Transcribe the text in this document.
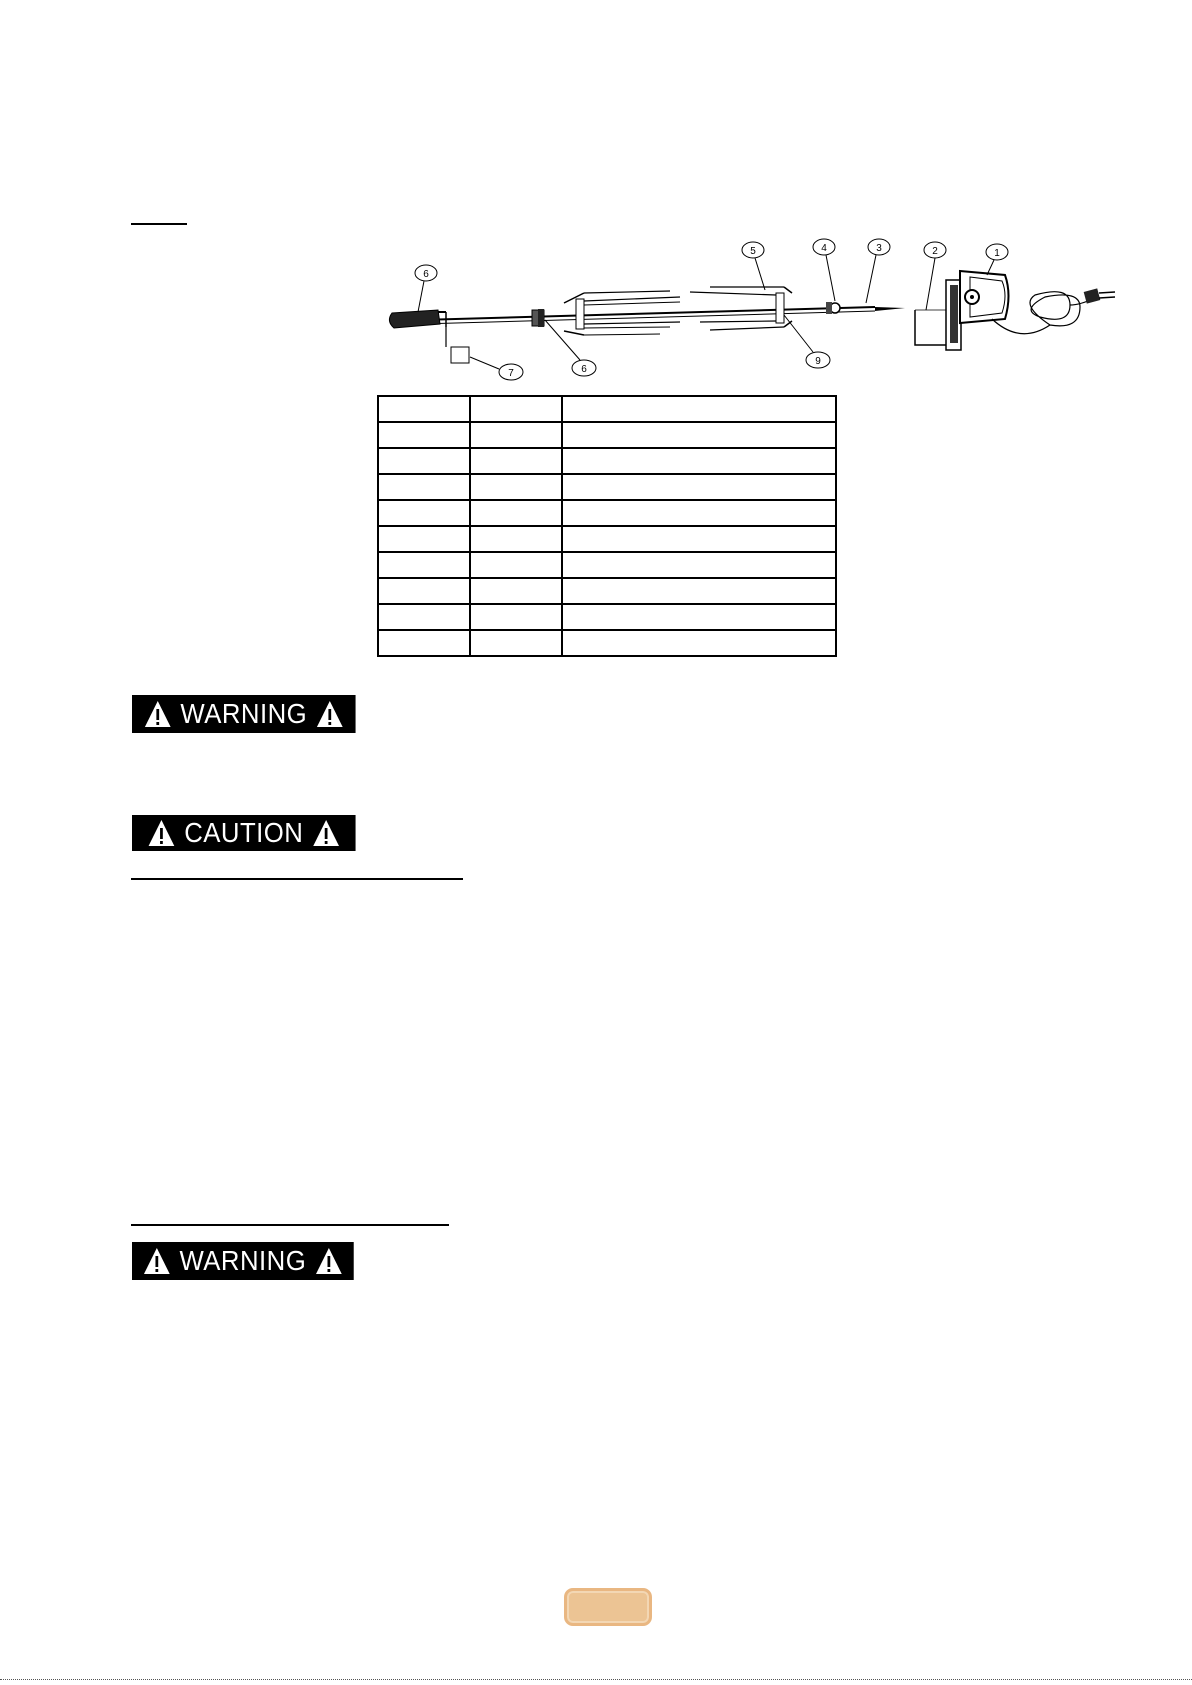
1
2
3
4
5
6
6
7
9

WARNING
CAUTION
WARNING
